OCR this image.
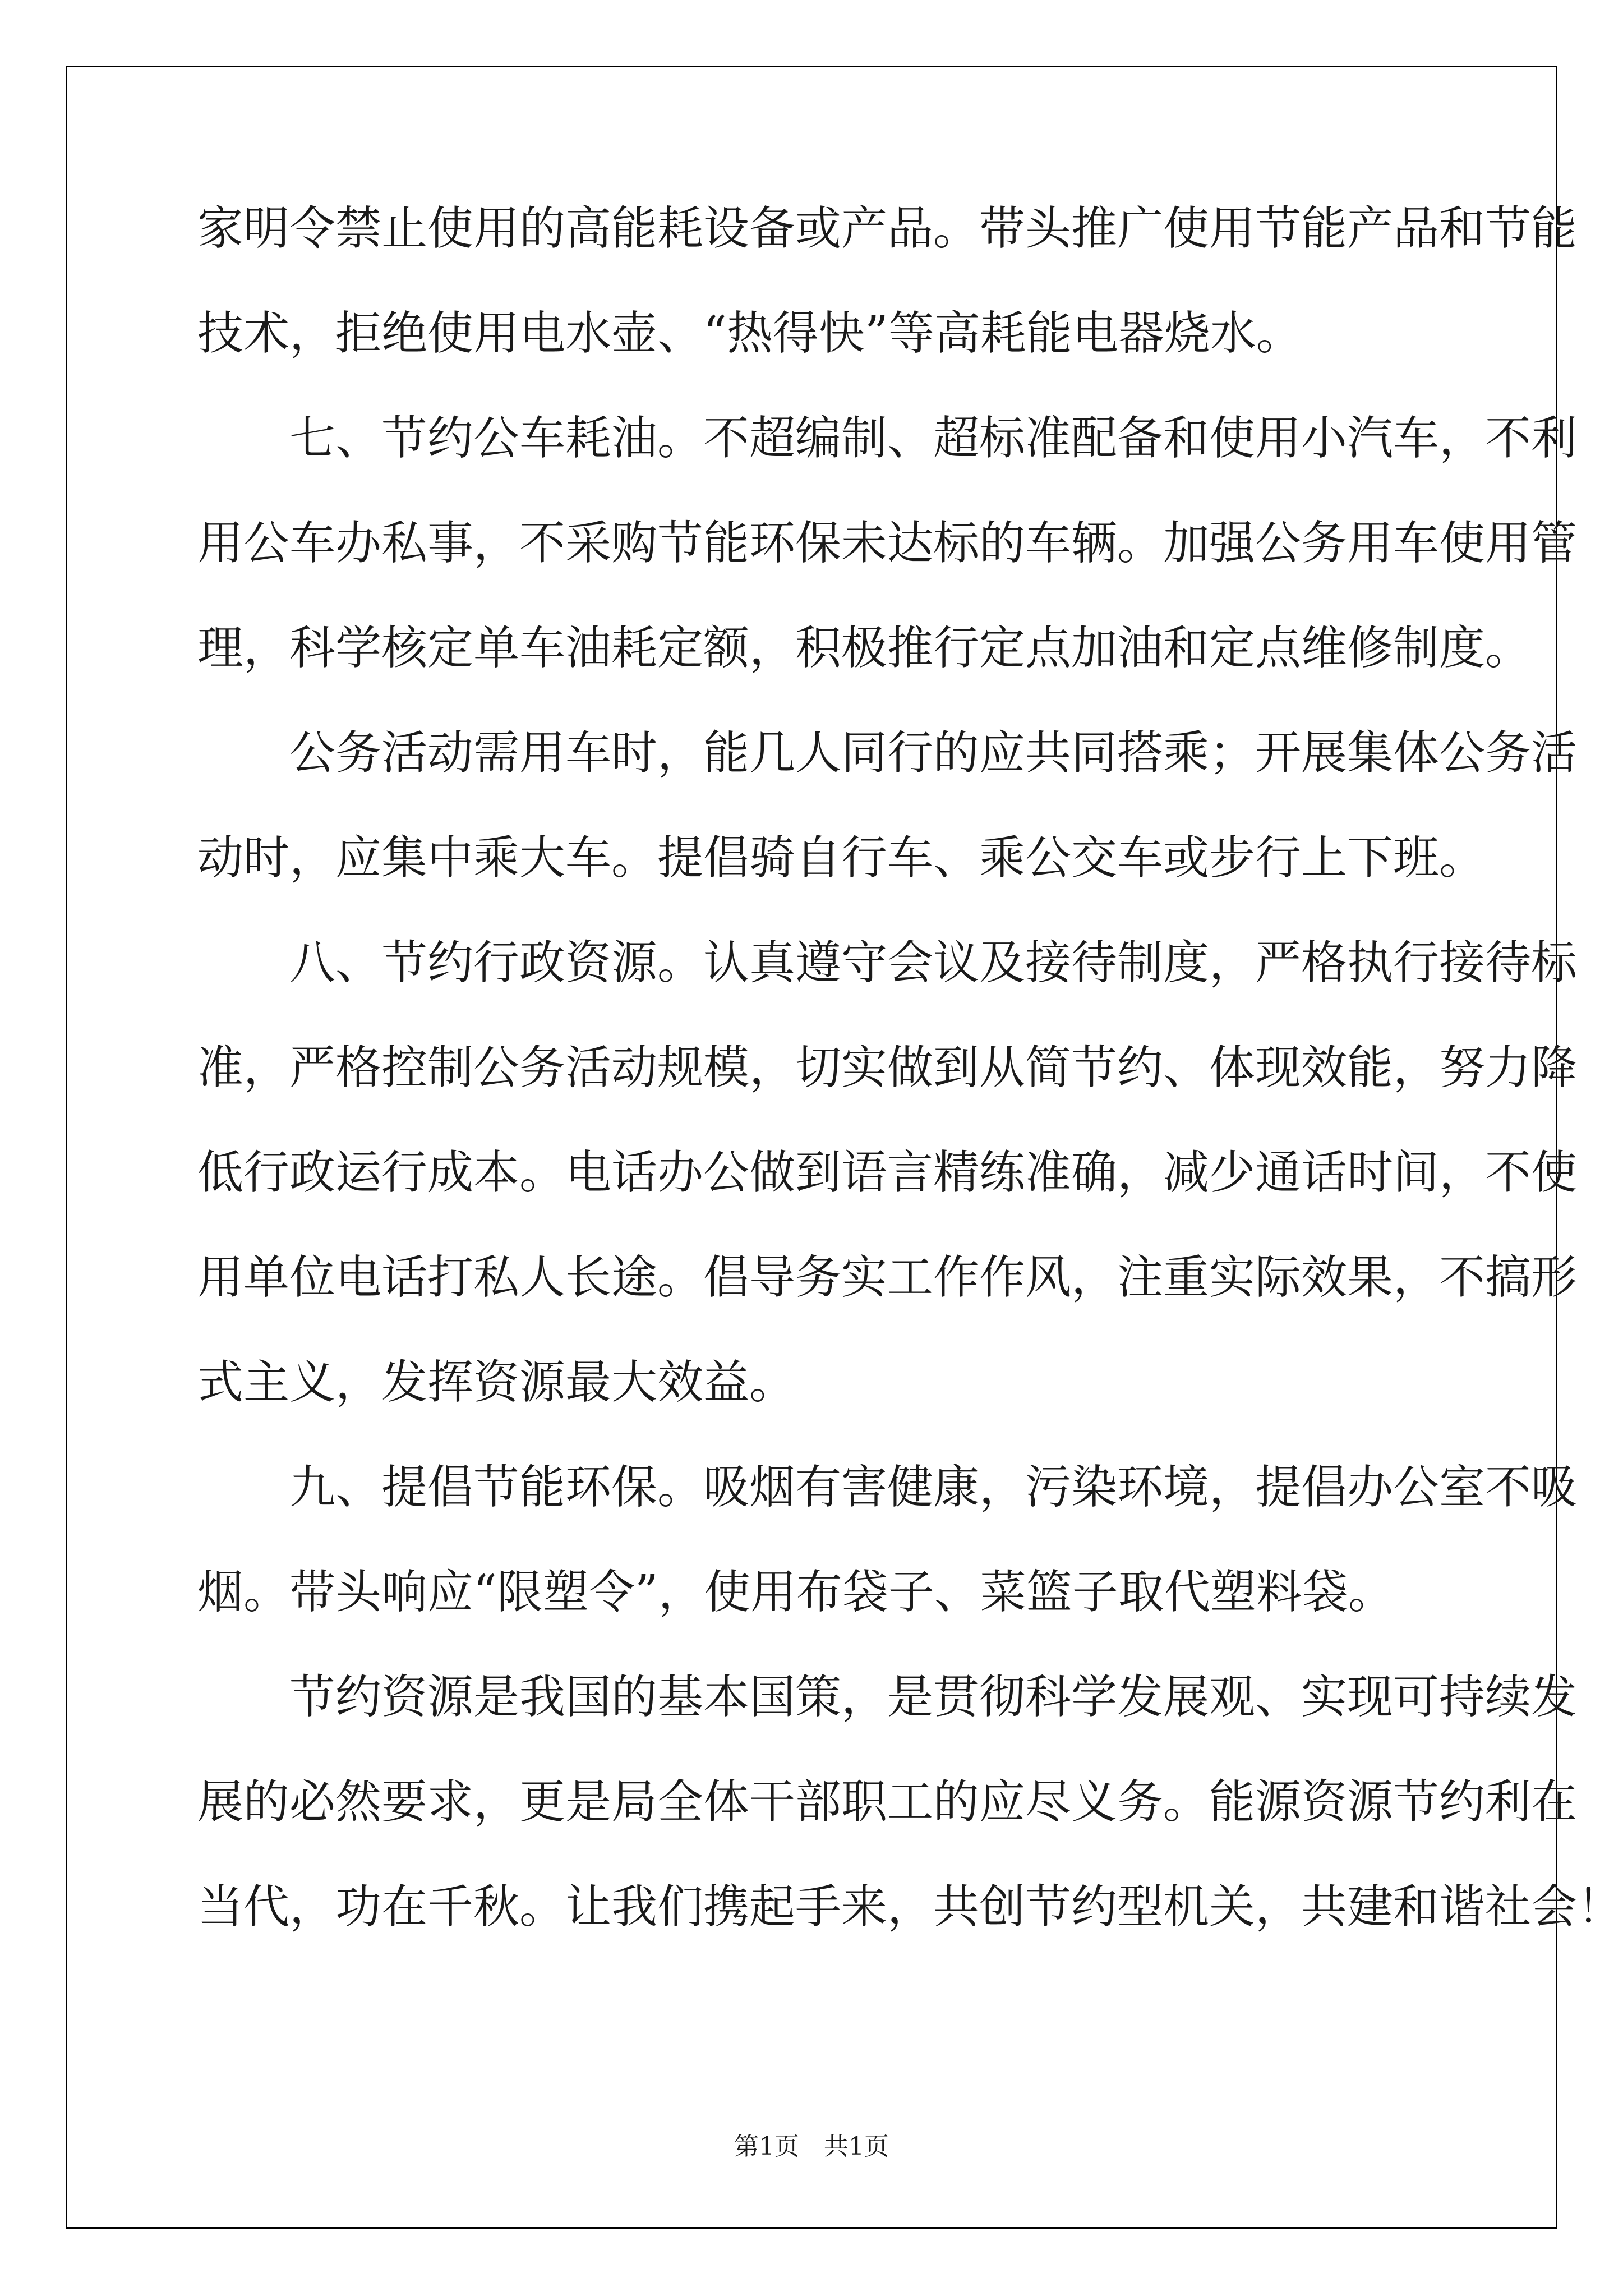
家明令禁止使用的高能耗设备或产品。带头推广使用节能产品和节能
技术，拒绝使用电水壶、“热得快”等高耗能电器烧水。
　　七、节约公车耗油。不超编制、超标准配备和使用小汽车，不利
用公车办私事，不采购节能环保未达标的车辆。加强公务用车使用管
理，科学核定单车油耗定额，积极推行定点加油和定点维修制度。
　　公务活动需用车时，能几人同行的应共同搭乘；开展集体公务活
动时，应集中乘大车。提倡骑自行车、乘公交车或步行上下班。
　　八、节约行政资源。认真遵守会议及接待制度，严格执行接待标
准，严格控制公务活动规模，切实做到从简节约、体现效能，努力降
低行政运行成本。电话办公做到语言精练准确，减少通话时间，不使
用单位电话打私人长途。倡导务实工作作风，注重实际效果，不搞形
式主义，发挥资源最大效益。
　　九、提倡节能环保。吸烟有害健康，污染环境，提倡办公室不吸
烟。带头响应“限塑令”，使用布袋子、菜篮子取代塑料袋。
　　节约资源是我国的基本国策，是贯彻科学发展观、实现可持续发
展的必然要求，更是局全体干部职工的应尽义务。能源资源节约利在
当代，功在千秋。让我们携起手来，共创节约型机关，共建和谐社会！
第1页　共1页
